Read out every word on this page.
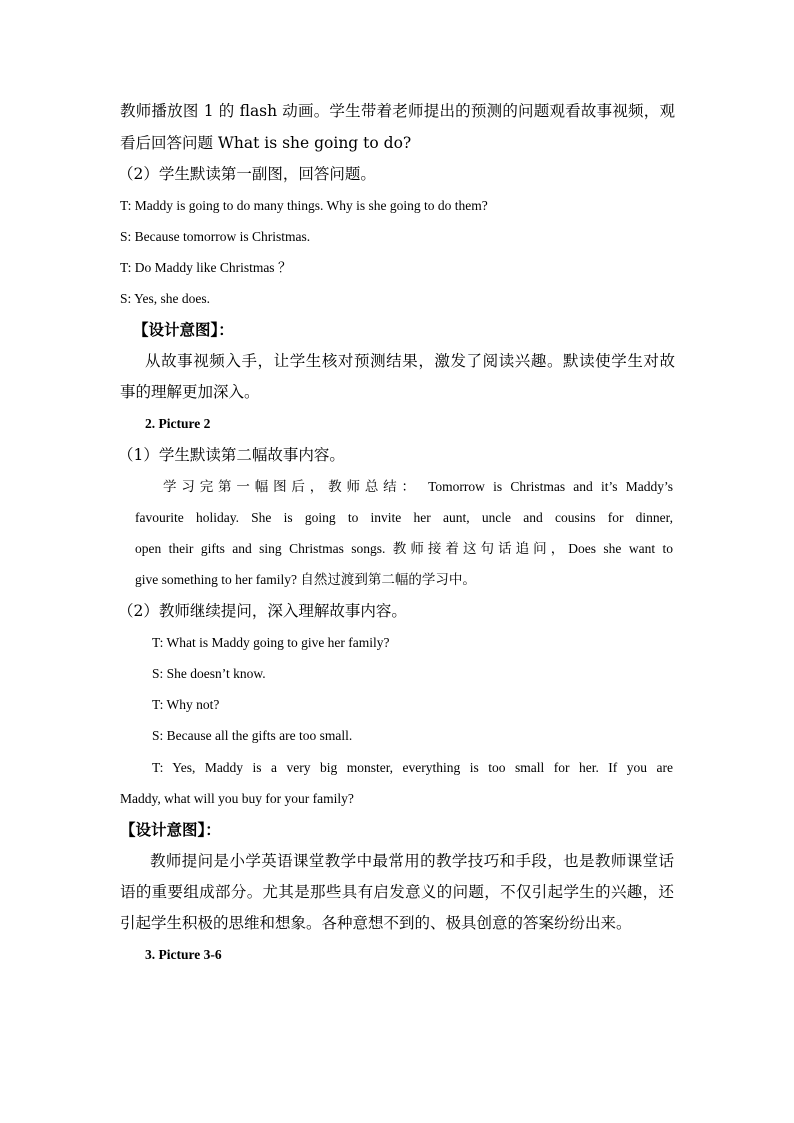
教师播放图 1 的 flash 动画。学生带着老师提出的预测的问题观看故事视频，观
看后回答问题 What is she going to do?
（2）学生默读第一副图，回答问题。
T: Maddy is going to do many things. Why is she going to do them?
S: Because tomorrow is Christmas.
T: Do Maddy like Christmas ？
S: Yes, she does.
【设计意图】：
从故事视频入手，让学生核对预测结果，激发了阅读兴趣。默读使学生对故
事的理解更加深入。
2. Picture 2
（1）学生默读第二幅故事内容。
学习完第一幅图后，教师总结： Tomorrow is Christmas and it’s Maddy’s
favourite holiday. She is going to invite her aunt, uncle and cousins for dinner,
open their gifts and sing Christmas songs. 教师接着这句话追问，Does she want to
give something to her family? 自然过渡到第二幅的学习中。
（2）教师继续提问，深入理解故事内容。
T: What is Maddy going to give her family?
S: She doesn’t know.
T: Why not?
S: Because all the gifts are too small.
T: Yes, Maddy is a very big monster, everything is too small for her. If you are
Maddy, what will you buy for your family?
【设计意图】：
教师提问是小学英语课堂教学中最常用的教学技巧和手段，也是教师课堂话
语的重要组成部分。尤其是那些具有启发意义的问题，不仅引起学生的兴趣，还
引起学生积极的思维和想象。各种意想不到的、极具创意的答案纷纷出来。
3. Picture 3-6
